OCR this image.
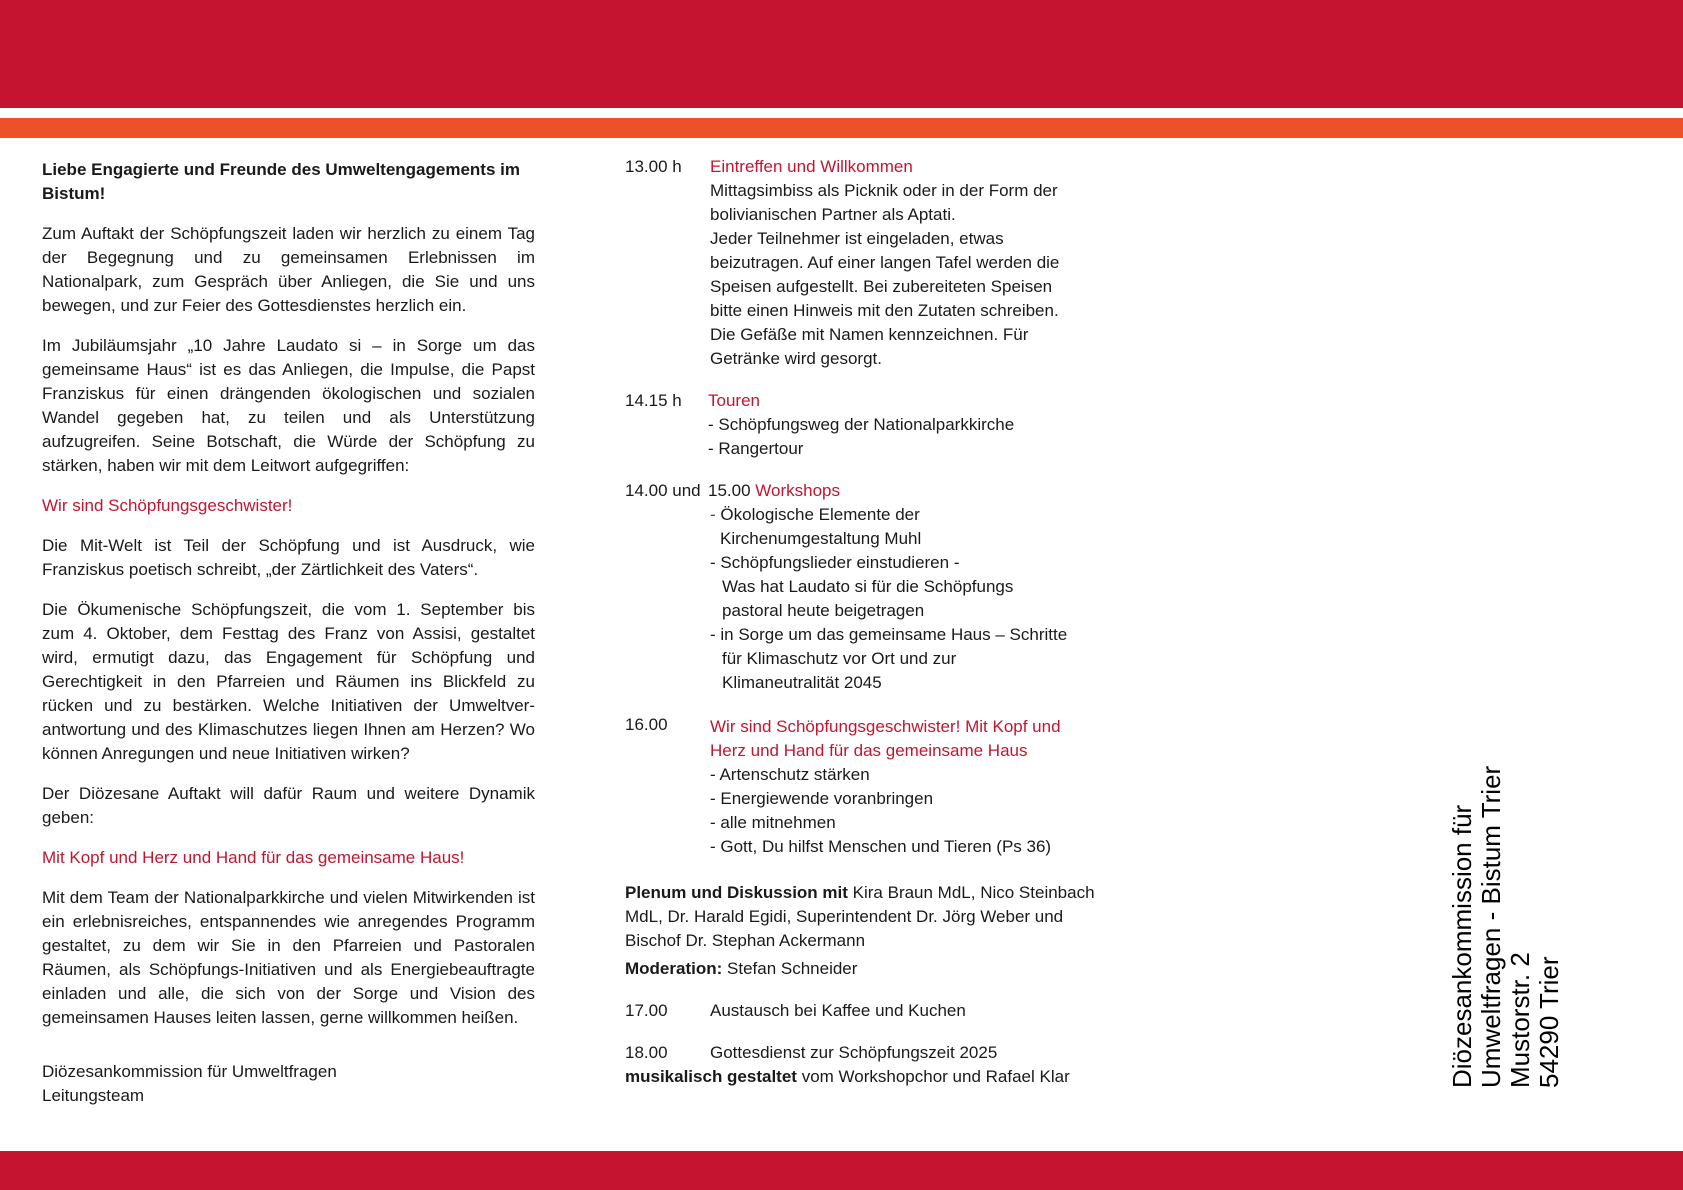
Liebe Engagierte und Freunde des Umweltengagements im Bistum!

Zum Auftakt der Schöpfungszeit laden wir herzlich zu einem Tag der Begegnung und zu gemeinsamen Erlebnissen im Nationalpark, zum Gespräch über Anliegen, die Sie und uns bewegen, und zur Feier des Gottesdienstes herzlich ein.

Im Jubiläumsjahr „10 Jahre Laudato si – in Sorge um das gemeinsame Haus“ ist es das Anliegen, die Impulse, die Papst Franziskus für einen drängenden ökologischen und sozialen Wandel gegeben hat, zu teilen und als Unterstützung aufzugreifen. Seine Botschaft, die Würde der Schöpfung zu stärken, haben wir mit dem Leitwort aufgegriffen:

Wir sind Schöpfungsgeschwister!

Die Mit-Welt ist Teil der Schöpfung und ist Ausdruck, wie Franziskus poetisch schreibt, „der Zärtlichkeit des Vaters“.

Die Ökumenische Schöpfungszeit, die vom 1. September bis zum 4. Oktober, dem Festtag des Franz von Assisi, gestaltet wird, ermutigt dazu, das Engagement für Schöpfung und Gerechtigkeit in den Pfarreien und Räumen ins Blickfeld zu rücken und zu bestärken. Welche Initiativen der Umweltver-antwortung und des Klimaschutzes liegen Ihnen am Herzen? Wo können Anregungen und neue Initiativen wirken?

Der Diözesane Auftakt will dafür Raum und weitere Dynamik geben:

Mit Kopf und Herz und Hand für das gemeinsame Haus!

Mit dem Team der Nationalparkkirche und vielen Mitwirkenden ist ein erlebnisreiches, entspannendes wie anregendes Programm gestaltet, zu dem wir Sie in den Pfarreien und Pastoralen Räumen, als Schöpfungs-Initiativen und als Energiebeauftragte einladen und alle, die sich von der Sorge und Vision des gemeinsamen Hauses leiten lassen, gerne willkommen heißen.

Diözesankommission für Umweltfragen
Leitungsteam

13.00 h	Eintreffen und Willkommen
Mittagsimbiss als Picknik oder in der Form der
bolivianischen Partner als Aptati.
Jeder Teilnehmer ist eingeladen, etwas
beizutragen. Auf einer langen Tafel werden die
Speisen aufgestellt. Bei zubereiteten Speisen
bitte einen Hinweis mit den Zutaten schreiben.
Die Gefäße mit Namen kennzeichnen. Für
Getränke wird gesorgt.
14.15 h	Touren
- Schöpfungsweg der Nationalparkkirche
- Rangertour
14.00 und 15.00 Workshops
- Ökologische Elemente der
Kirchenumgestaltung Muhl
- Schöpfungslieder einstudieren -
Was hat Laudato si für die Schöpfungs
pastoral heute beigetragen
- in Sorge um das gemeinsame Haus – Schritte
für Klimaschutz vor Ort und zur
Klimaneutralität 2045
16.00	Wir sind Schöpfungsgeschwister! Mit Kopf und
Herz und Hand für das gemeinsame Haus
- Artenschutz stärken
- Energiewende voranbringen
- alle mitnehmen
- Gott, Du hilfst Menschen und Tieren (Ps 36)
Plenum und Diskussion mit Kira Braun MdL, Nico Steinbach
MdL, Dr. Harald Egidi, Superintendent Dr. Jörg Weber und
Bischof Dr. Stephan Ackermann
Moderation: Stefan Schneider
17.00	Austausch bei Kaffee und Kuchen
18.00	Gottesdienst zur Schöpfungszeit 2025
musikalisch gestaltet vom Workshopchor und Rafael Klar	Diözesankommission für Umweltfragen - Bistum Trier Mustorstr. 2 54290 Trier
